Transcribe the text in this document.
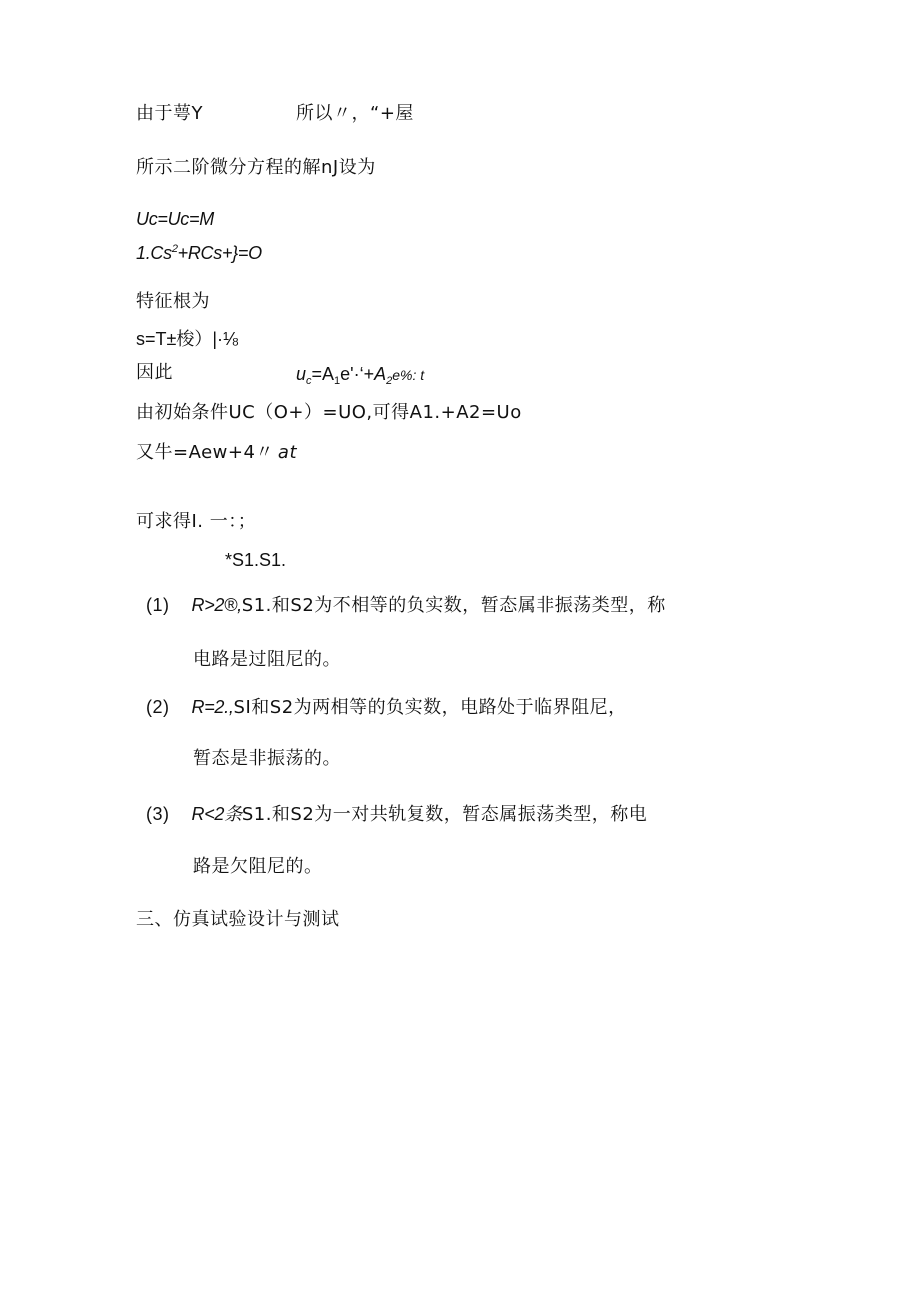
由于萼Y	所以〃，“+屋
所示二阶微分方程的解nJ设为
Uc=Uc=M
$1.Cs^2+RCs+\}=O$
特征根为
s=T±梭）|·⅛
因此	$u_c=A_1e'\cdot‘+A_2e\%$: t
由初始条件UC（O+）=UO,可得A1.+A2=Uo
又牛=Aew+4〃 at
可求得I. 一：；
*S1.S1.
(1) R>2®,S1.和S2为不相等的负实数，暂态属非振荡类型，称
电路是过阻尼的。
(2) R=2.,SI和S2为两相等的负实数，电路处于临界阻尼，
暂态是非振荡的。
(3) R<2条S1.和S2为一对共轨复数，暂态属振荡类型，称电
路是欠阻尼的。
三、仿真试验设计与测试
